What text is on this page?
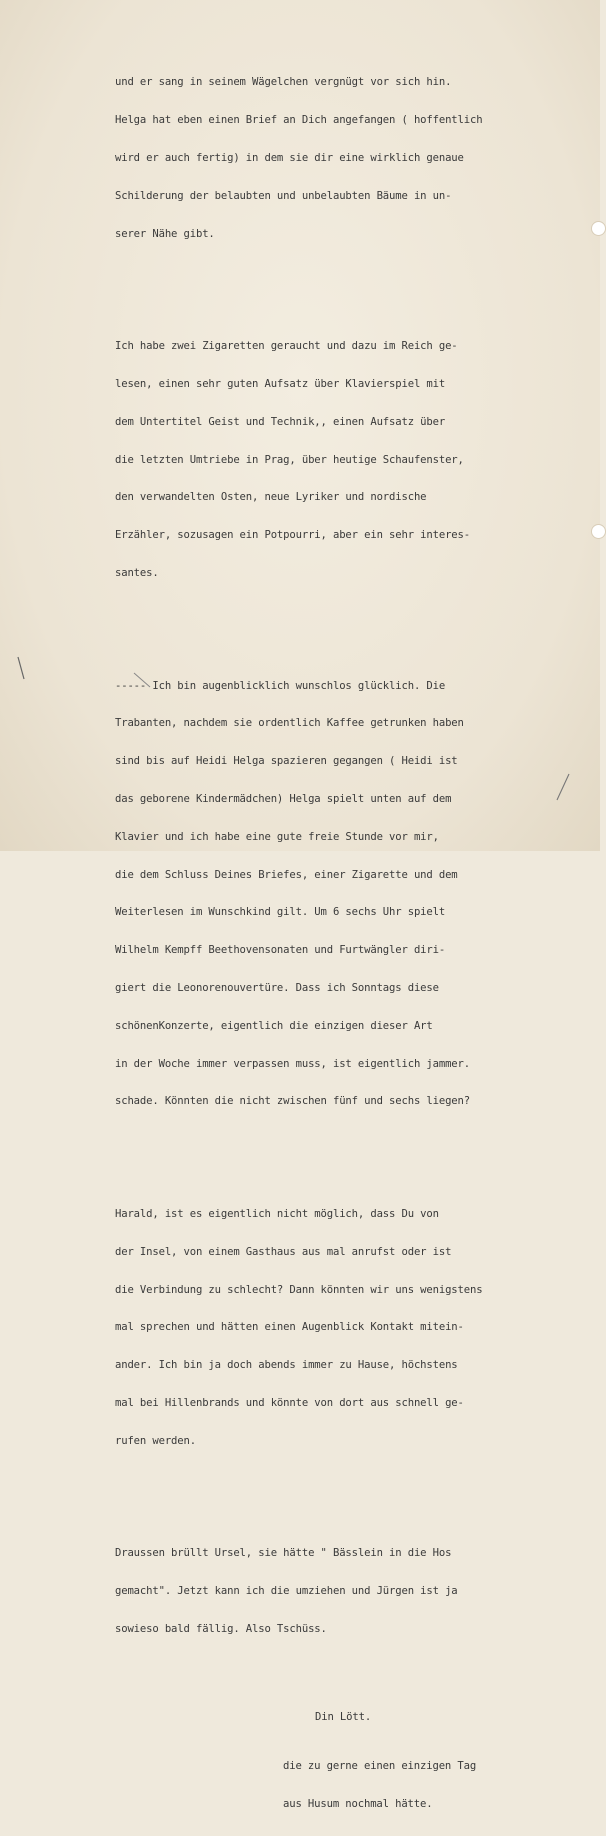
und er sang in seinem Wägelchen vergnügt vor sich hin.

Helga hat eben einen Brief an Dich angefangen ( hoffentlich

wird er auch fertig) in dem sie dir eine wirklich genaue

Schilderung der belaubten und unbelaubten Bäume in un-

serer Nähe gibt.

Ich habe zwei Zigaretten geraucht und dazu im Reich ge-

lesen, einen sehr guten Aufsatz über Klavierspiel mit

dem Untertitel Geist und Technik,, einen Aufsatz über

die letzten Umtriebe in Prag, über heutige Schaufenster,

den verwandelten Osten, neue Lyriker und nordische

Erzähler, sozusagen ein Potpourri, aber ein sehr interes-

santes.

----- Ich bin augenblicklich wunschlos glücklich. Die

Trabanten, nachdem sie ordentlich Kaffee getrunken haben

sind bis auf Heidi Helga spazieren gegangen ( Heidi ist

das geborene Kindermädchen) Helga spielt unten auf dem

Klavier und ich habe eine gute freie Stunde vor mir,

die dem Schluss Deines Briefes, einer Zigarette und dem

Weiterlesen im Wunschkind gilt. Um 6 sechs Uhr spielt

Wilhelm Kempff Beethovensonaten und Furtwängler diri-

giert die Leonorenouvertüre. Dass ich Sonntags diese

schönenKonzerte, eigentlich die einzigen dieser Art

in der Woche immer verpassen muss, ist eigentlich jammer.

schade. Könnten die nicht zwischen fünf und sechs liegen?

Harald, ist es eigentlich nicht möglich, dass Du von

der Insel, von einem Gasthaus aus mal anrufst oder ist

die Verbindung zu schlecht? Dann könnten wir uns wenigstens

mal sprechen und hätten einen Augenblick Kontakt mitein-

ander. Ich bin ja doch abends immer zu Hause, höchstens

mal bei Hillenbrands und könnte von dort aus schnell ge-

rufen werden.

Draussen brüllt Ursel, sie hätte " Bässlein in die Hos

gemacht". Jetzt kann ich die umziehen und Jürgen ist ja

sowieso bald fällig. Also Tschüss.

Din Lött.

die zu gerne einen einzigen Tag

aus Husum nochmal hätte.
